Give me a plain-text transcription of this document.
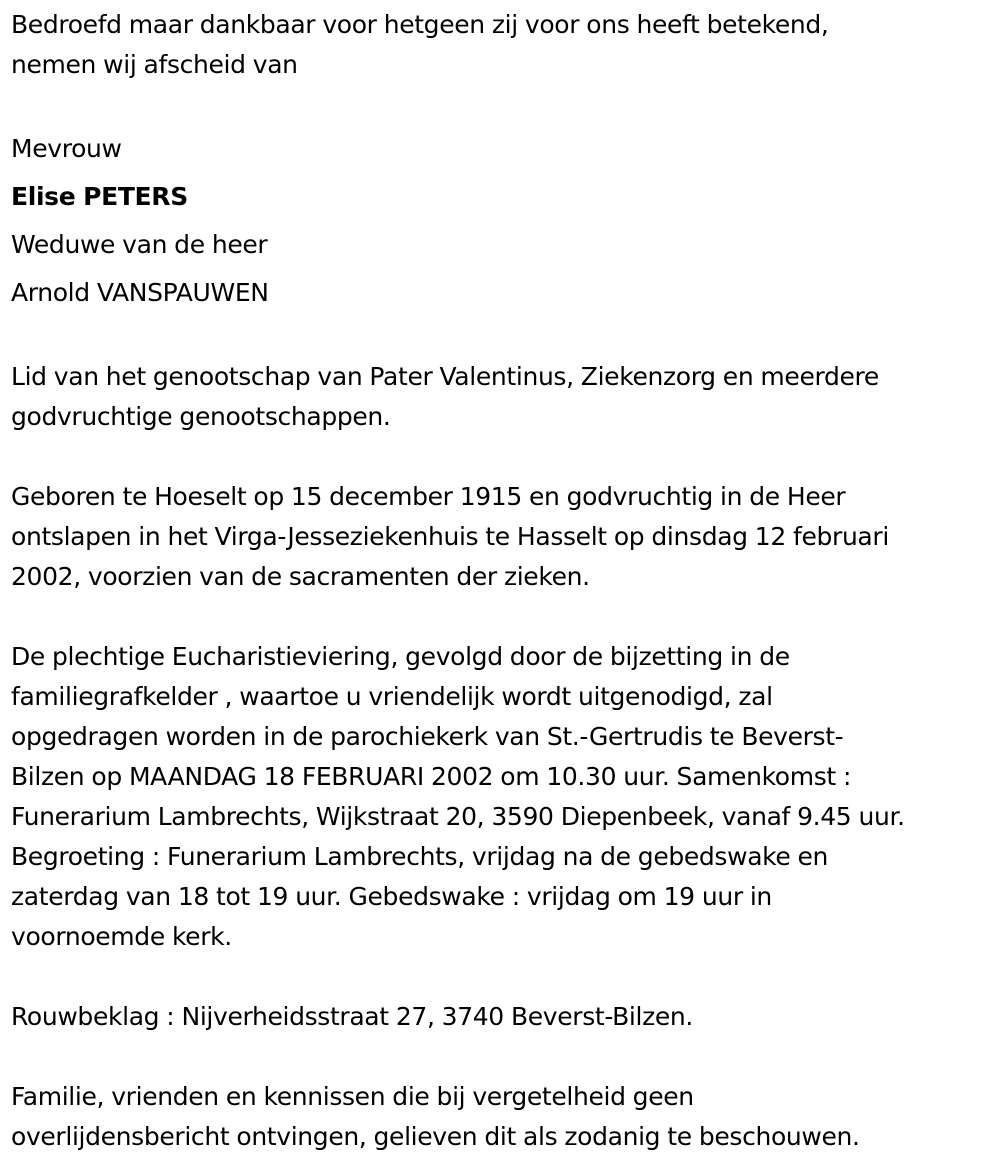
Bedroefd maar dankbaar voor hetgeen zij voor ons heeft betekend,
nemen wij afscheid van
Mevrouw
Elise PETERS
Weduwe van de heer
Arnold VANSPAUWEN
Lid van het genootschap van Pater Valentinus, Ziekenzorg en meerdere
godvruchtige genootschappen.
Geboren te Hoeselt op 15 december 1915 en godvruchtig in de Heer
ontslapen in het Virga-Jesseziekenhuis te Hasselt op dinsdag 12 februari
2002, voorzien van de sacramenten der zieken.
De plechtige Eucharistieviering, gevolgd door de bijzetting in de
familiegrafkelder , waartoe u vriendelijk wordt uitgenodigd, zal
opgedragen worden in de parochiekerk van St.-Gertrudis te Beverst-
Bilzen op MAANDAG 18 FEBRUARI 2002 om 10.30 uur. Samenkomst :
Funerarium Lambrechts, Wijkstraat 20, 3590 Diepenbeek, vanaf 9.45 uur.
Begroeting : Funerarium Lambrechts, vrijdag na de gebedswake en
zaterdag van 18 tot 19 uur. Gebedswake : vrijdag om 19 uur in
voornoemde kerk.
Rouwbeklag : Nijverheidsstraat 27, 3740 Beverst-Bilzen.
Familie, vrienden en kennissen die bij vergetelheid geen
overlijdensbericht ontvingen, gelieven dit als zodanig te beschouwen.
